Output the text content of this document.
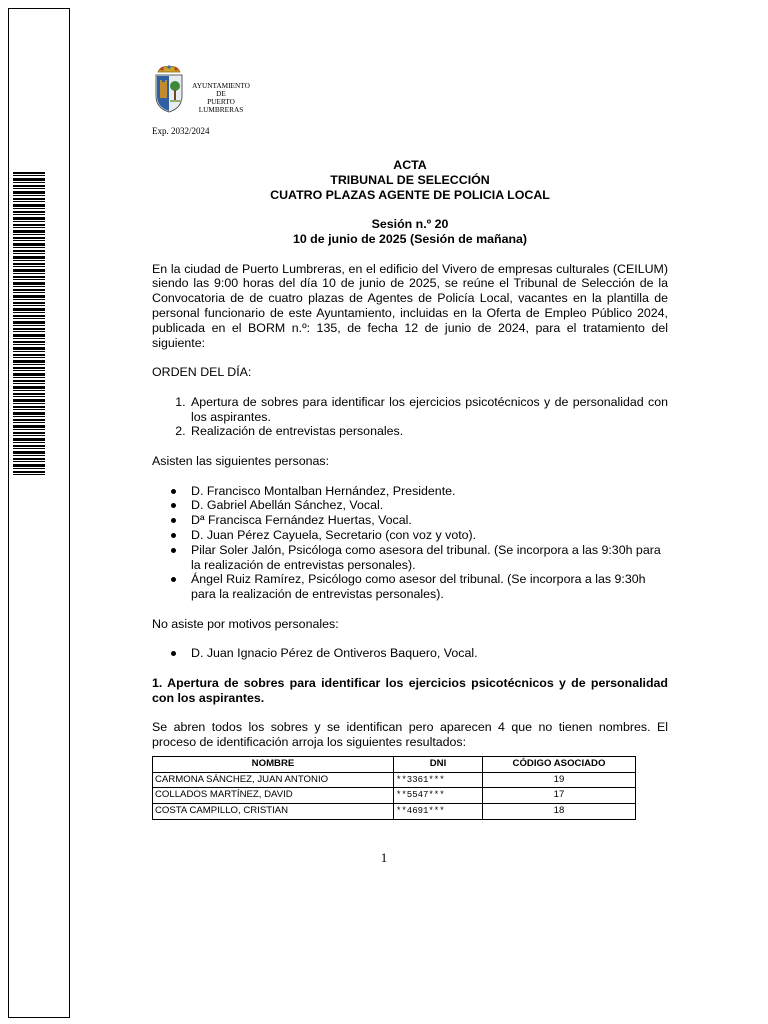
AYUNTAMIENTO
DE
PUERTO
LUMBRERAS
Exp. 2032/2024
ACTA
TRIBUNAL DE SELECCIÓN
CUATRO PLAZAS AGENTE DE POLICIA LOCAL
Sesión n.º 20
10 de junio de 2025 (Sesión de mañana)

En la ciudad de Puerto Lumbreras, en el edificio del Vivero de empresas culturales (CEILUM) siendo las 9:00 horas del día 10 de junio de 2025, se reúne el Tribunal de Selección de la Convocatoria de de cuatro plazas de Agentes de Policía Local, vacantes en la plantilla de personal funcionario de este Ayuntamiento, incluidas en la Oferta de Empleo Público 2024, publicada en el BORM n.º: 135, de fecha 12 de junio de 2024, para el tratamiento del siguiente:

ORDEN DEL DÍA:

1. Apertura de sobres para identificar los ejercicios psicotécnicos y de personalidad con los aspirantes.
2. Realización de entrevistas personales.

Asisten las siguientes personas:

D. Francisco Montalban Hernández, Presidente.
D. Gabriel Abellán Sánchez, Vocal.
Dª Francisca Fernández Huertas, Vocal.
D. Juan Pérez Cayuela, Secretario (con voz y voto).
Pilar Soler Jalón, Psicóloga como asesora del tribunal. (Se incorpora a las 9:30h para la realización de entrevistas personales).
Ángel Ruiz Ramírez, Psicólogo como asesor del tribunal. (Se incorpora a las 9:30h para la realización de entrevistas personales).

No asiste por motivos personales:

D. Juan Ignacio Pérez de Ontiveros Baquero, Vocal.

1. Apertura de sobres para identificar los ejercicios psicotécnicos y de personalidad con los aspirantes.

Se abren todos los sobres y se identifican pero aparecen 4 que no tienen nombres. El proceso de identificación arroja los siguientes resultados:

NOMBRE	DNI	CÓDIGO ASOCIADO
CARMONA SÁNCHEZ, JUAN ANTONIO	**3361***	19
COLLADOS MARTÍNEZ, DAVID	**5547***	17
COSTA CAMPILLO, CRISTIAN	**4691***	18
1
